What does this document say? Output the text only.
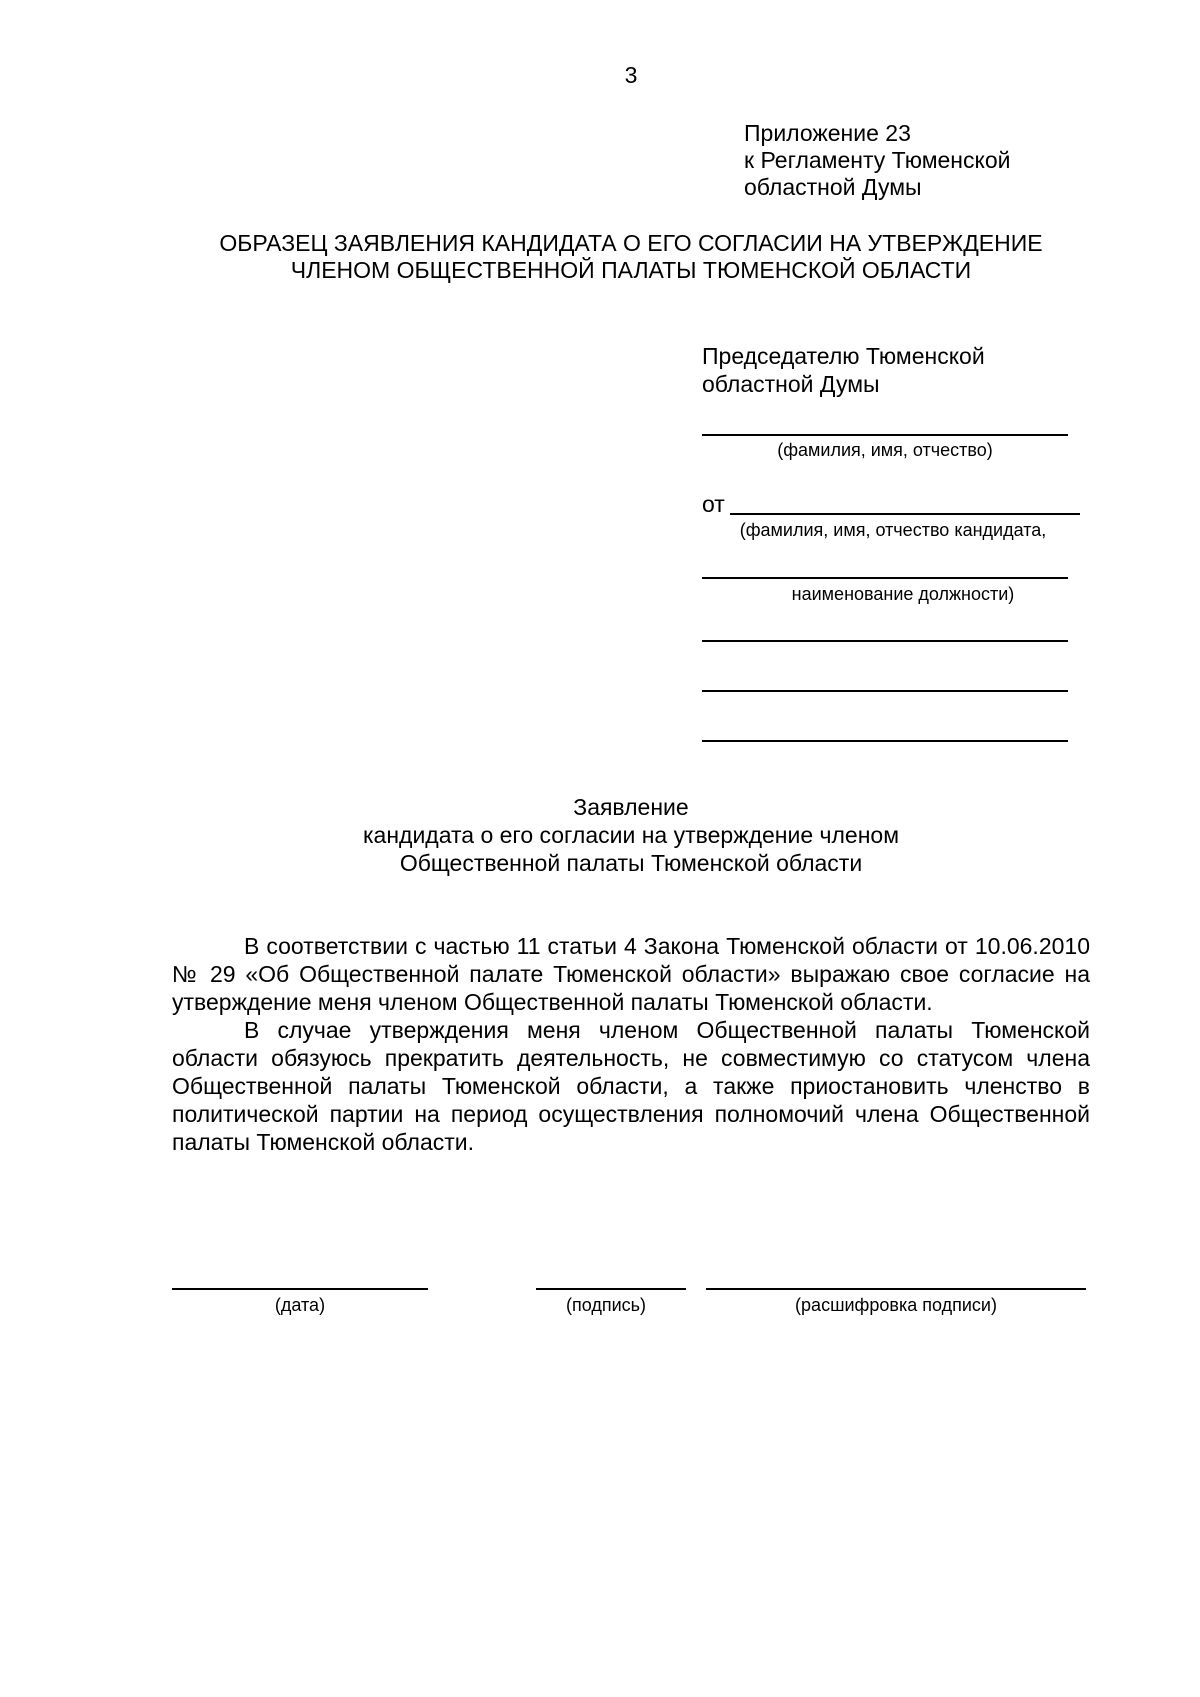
3
Приложение 23
к Регламенту Тюменской
областной Думы
ОБРАЗЕЦ ЗАЯВЛЕНИЯ КАНДИДАТА О ЕГО СОГЛАСИИ НА УТВЕРЖДЕНИЕ
ЧЛЕНОМ ОБЩЕСТВЕННОЙ ПАЛАТЫ ТЮМЕНСКОЙ ОБЛАСТИ
Председателю Тюменской
областной Думы
(фамилия, имя, отчество)
от
(фамилия, имя, отчество кандидата,
наименование должности)
Заявление
кандидата о его согласии на утверждение членом
Общественной палаты Тюменской области

В соответствии с частью 11 статьи 4 Закона Тюменской области от 10.06.2010 № 29 «Об Общественной палате Тюменской области» выражаю свое согласие на утверждение меня членом Общественной палаты Тюменской области.

В случае утверждения меня членом Общественной палаты Тюменской области обязуюсь прекратить деятельность, не совместимую со статусом члена Общественной палаты Тюменской области, а также приостановить членство в политической партии на период осуществления полномочий члена Общественной палаты Тюменской области.

(дата)	(подпись)	(расшифровка подписи)
